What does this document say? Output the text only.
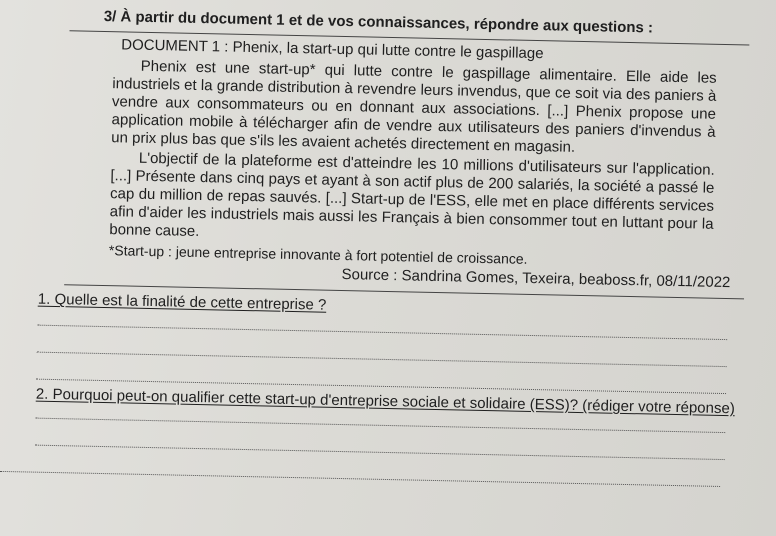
3/ À partir du document 1 et de vos connaissances, répondre aux questions :

DOCUMENT 1 : Phenix, la start-up qui lutte contre le gaspillage

Phenix est une start-up* qui lutte contre le gaspillage alimentaire. Elle aide les industriels et la grande distribution à revendre leurs invendus, que ce soit via des paniers à vendre aux consommateurs ou en donnant aux associations. [...] Phenix propose une application mobile à télécharger afin de vendre aux utilisateurs des paniers d'invendus à un prix plus bas que s'ils les avaient achetés directement en magasin.

L'objectif de la plateforme est d'atteindre les 10 millions d'utilisateurs sur l'application. [...] Présente dans cinq pays et ayant à son actif plus de 200 salariés, la société a passé le cap du million de repas sauvés. [...] Start-up de l'ESS, elle met en place différents services afin d'aider les industriels mais aussi les Français à bien consommer tout en luttant pour la bonne cause.

*Start-up : jeune entreprise innovante à fort potentiel de croissance.

Source : Sandrina Gomes, Texeira, beaboss.fr, 08/11/2022

1. Quelle est la finalité de cette entreprise ?

2. Pourquoi peut-on qualifier cette start-up d'entreprise sociale et solidaire (ESS)? (rédiger votre réponse)
